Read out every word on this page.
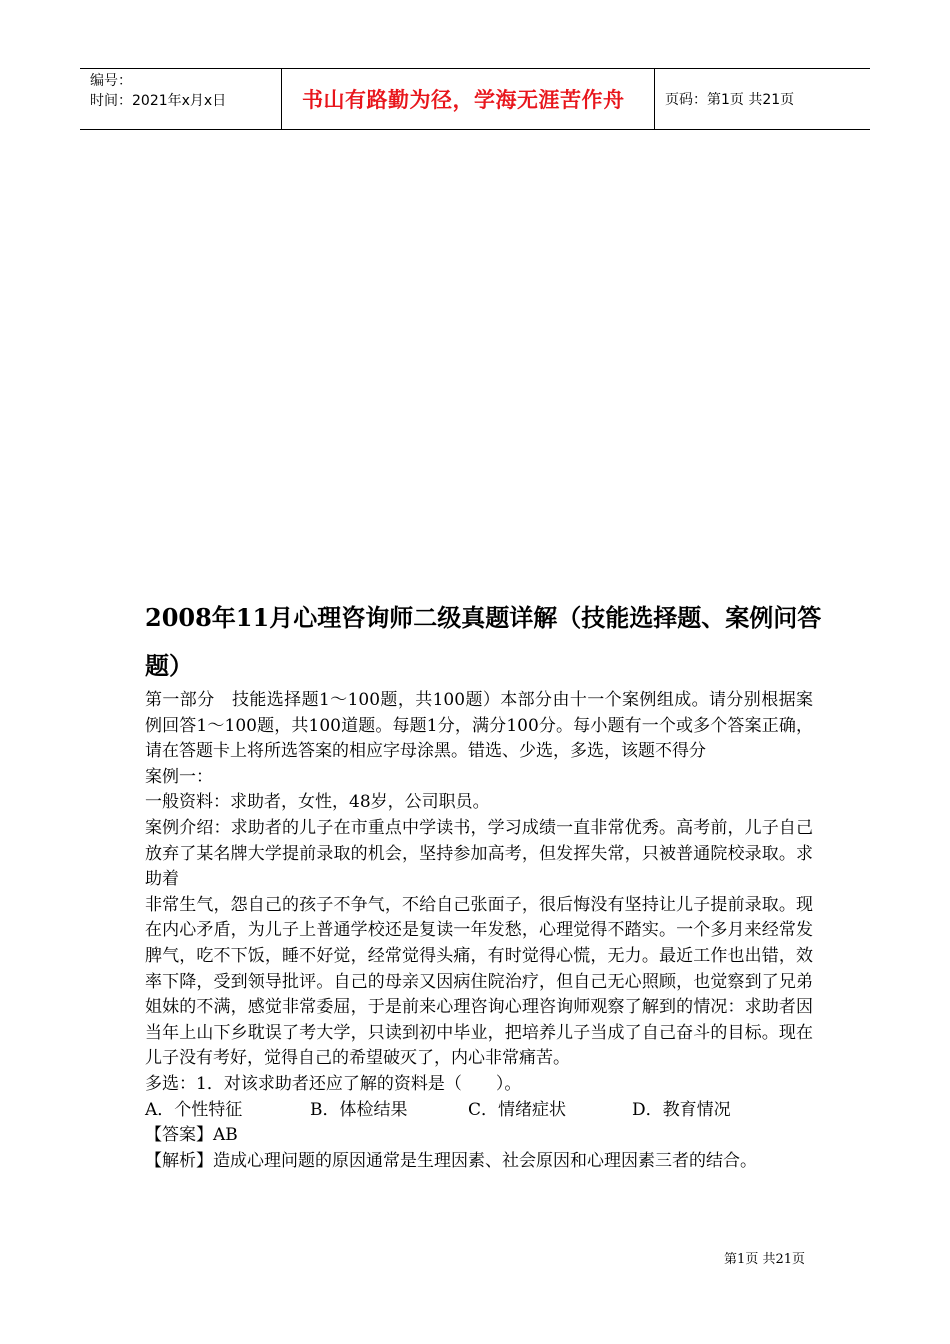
编号：
时间：2021年x月x日	书山有路勤为径，学海无涯苦作舟	页码：第1页 共21页
2008年11月心理咨询师二级真题详解（技能选择题、案例问答题）

第一部分　技能选择题1～100题，共100题）本部分由十一个案例组成。请分别根据案例回答1～100题，共100道题。每题1分，满分100分。每小题有一个或多个答案正确，请在答题卡上将所选答案的相应字母涂黑。错选、少选，多选，该题不得分

案例一：

一般资料：求助者，女性，48岁，公司职员。

案例介绍：求助者的儿子在市重点中学读书，学习成绩一直非常优秀。高考前，儿子自己放弃了某名牌大学提前录取的机会，坚持参加高考，但发挥失常，只被普通院校录取。求助着

非常生气，怨自己的孩子不争气，不给自己张面子，很后悔没有坚持让儿子提前录取。现在内心矛盾，为儿子上普通学校还是复读一年发愁，心理觉得不踏实。一个多月来经常发脾气，吃不下饭，睡不好觉，经常觉得头痛，有时觉得心慌，无力。最近工作也出错，效率下降，受到领导批评。自己的母亲又因病住院治疗，但自己无心照顾，也觉察到了兄弟姐妹的不满，感觉非常委屈，于是前来心理咨询心理咨询师观察了解到的情况：求助者因当年上山下乡耽误了考大学，只读到初中毕业，把培养儿子当成了自己奋斗的目标。现在儿子没有考好，觉得自己的希望破灭了，内心非常痛苦。

多选：1．对该求助者还应了解的资料是（　　）。

A．个性特征	B．体检结果	C．情绪症状	D．教育情况

【答案】AB

【解析】造成心理问题的原因通常是生理因素、社会原因和心理因素三者的结合。

第1页 共21页
